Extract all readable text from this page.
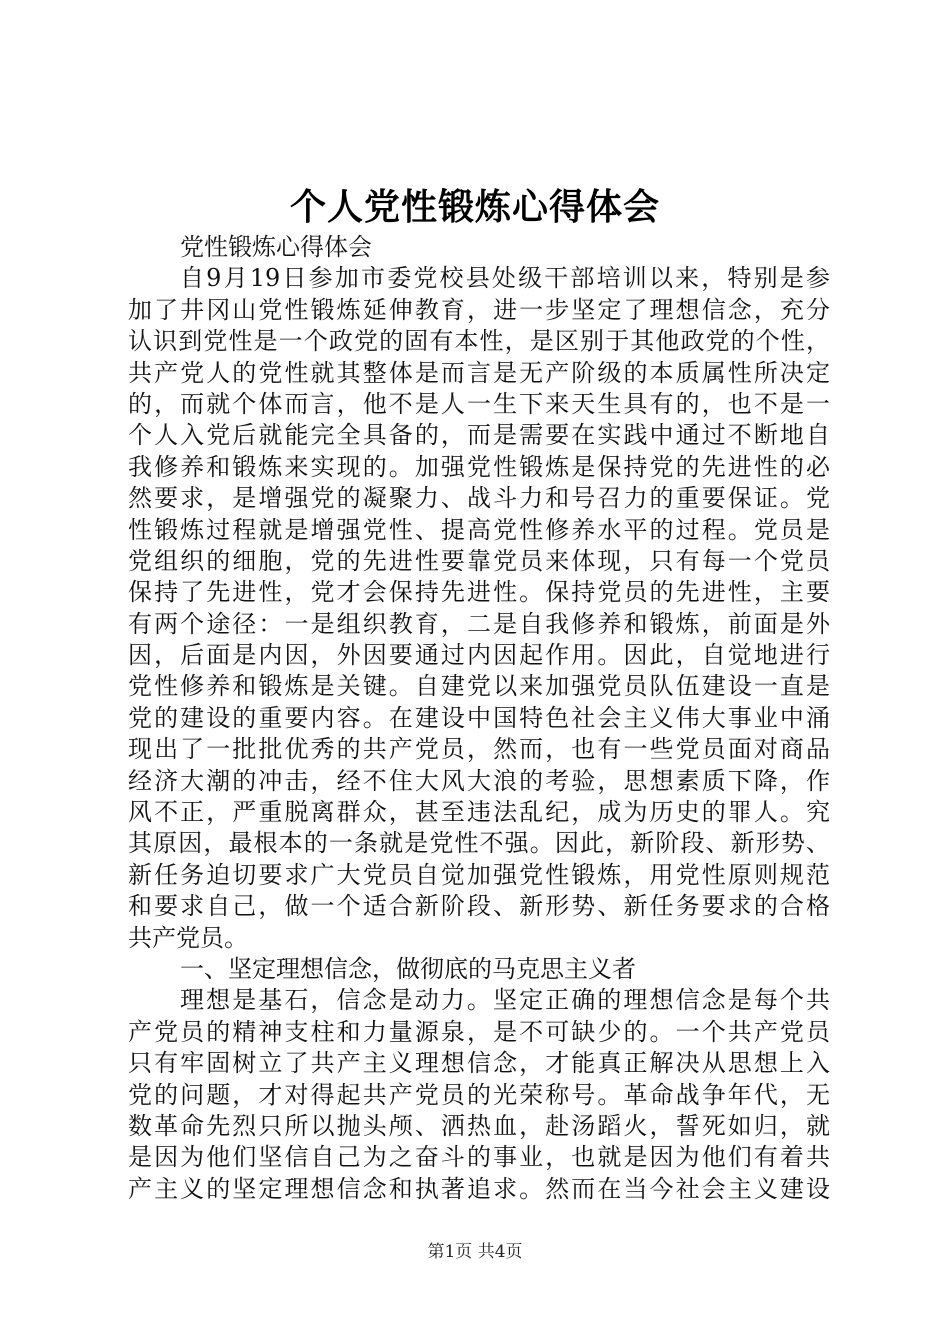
个人党性锻炼心得体会
党性锻炼心得体会
自9月19日参加市委党校县处级干部培训以来，特别是参
加了井冈山党性锻炼延伸教育，进一步坚定了理想信念，充分
认识到党性是一个政党的固有本性，是区别于其他政党的个性，
共产党人的党性就其整体是而言是无产阶级的本质属性所决定
的，而就个体而言，他不是人一生下来天生具有的，也不是一
个人入党后就能完全具备的，而是需要在实践中通过不断地自
我修养和锻炼来实现的。加强党性锻炼是保持党的先进性的必
然要求，是增强党的凝聚力、战斗力和号召力的重要保证。党
性锻炼过程就是增强党性、提高党性修养水平的过程。党员是
党组织的细胞，党的先进性要靠党员来体现，只有每一个党员
保持了先进性，党才会保持先进性。保持党员的先进性，主要
有两个途径：一是组织教育，二是自我修养和锻炼，前面是外
因，后面是内因，外因要通过内因起作用。因此，自觉地进行
党性修养和锻炼是关键。自建党以来加强党员队伍建设一直是
党的建设的重要内容。在建设中国特色社会主义伟大事业中涌
现出了一批批优秀的共产党员，然而，也有一些党员面对商品
经济大潮的冲击，经不住大风大浪的考验，思想素质下降，作
风不正，严重脱离群众，甚至违法乱纪，成为历史的罪人。究
其原因，最根本的一条就是党性不强。因此，新阶段、新形势、
新任务迫切要求广大党员自觉加强党性锻炼，用党性原则规范
和要求自己，做一个适合新阶段、新形势、新任务要求的合格
共产党员。
一、坚定理想信念，做彻底的马克思主义者
理想是基石，信念是动力。坚定正确的理想信念是每个共
产党员的精神支柱和力量源泉，是不可缺少的。一个共产党员
只有牢固树立了共产主义理想信念，才能真正解决从思想上入
党的问题，才对得起共产党员的光荣称号。革命战争年代，无
数革命先烈只所以抛头颅、洒热血，赴汤蹈火，誓死如归，就
是因为他们坚信自己为之奋斗的事业，也就是因为他们有着共
产主义的坚定理想信念和执著追求。然而在当今社会主义建设
第1页 共4页
